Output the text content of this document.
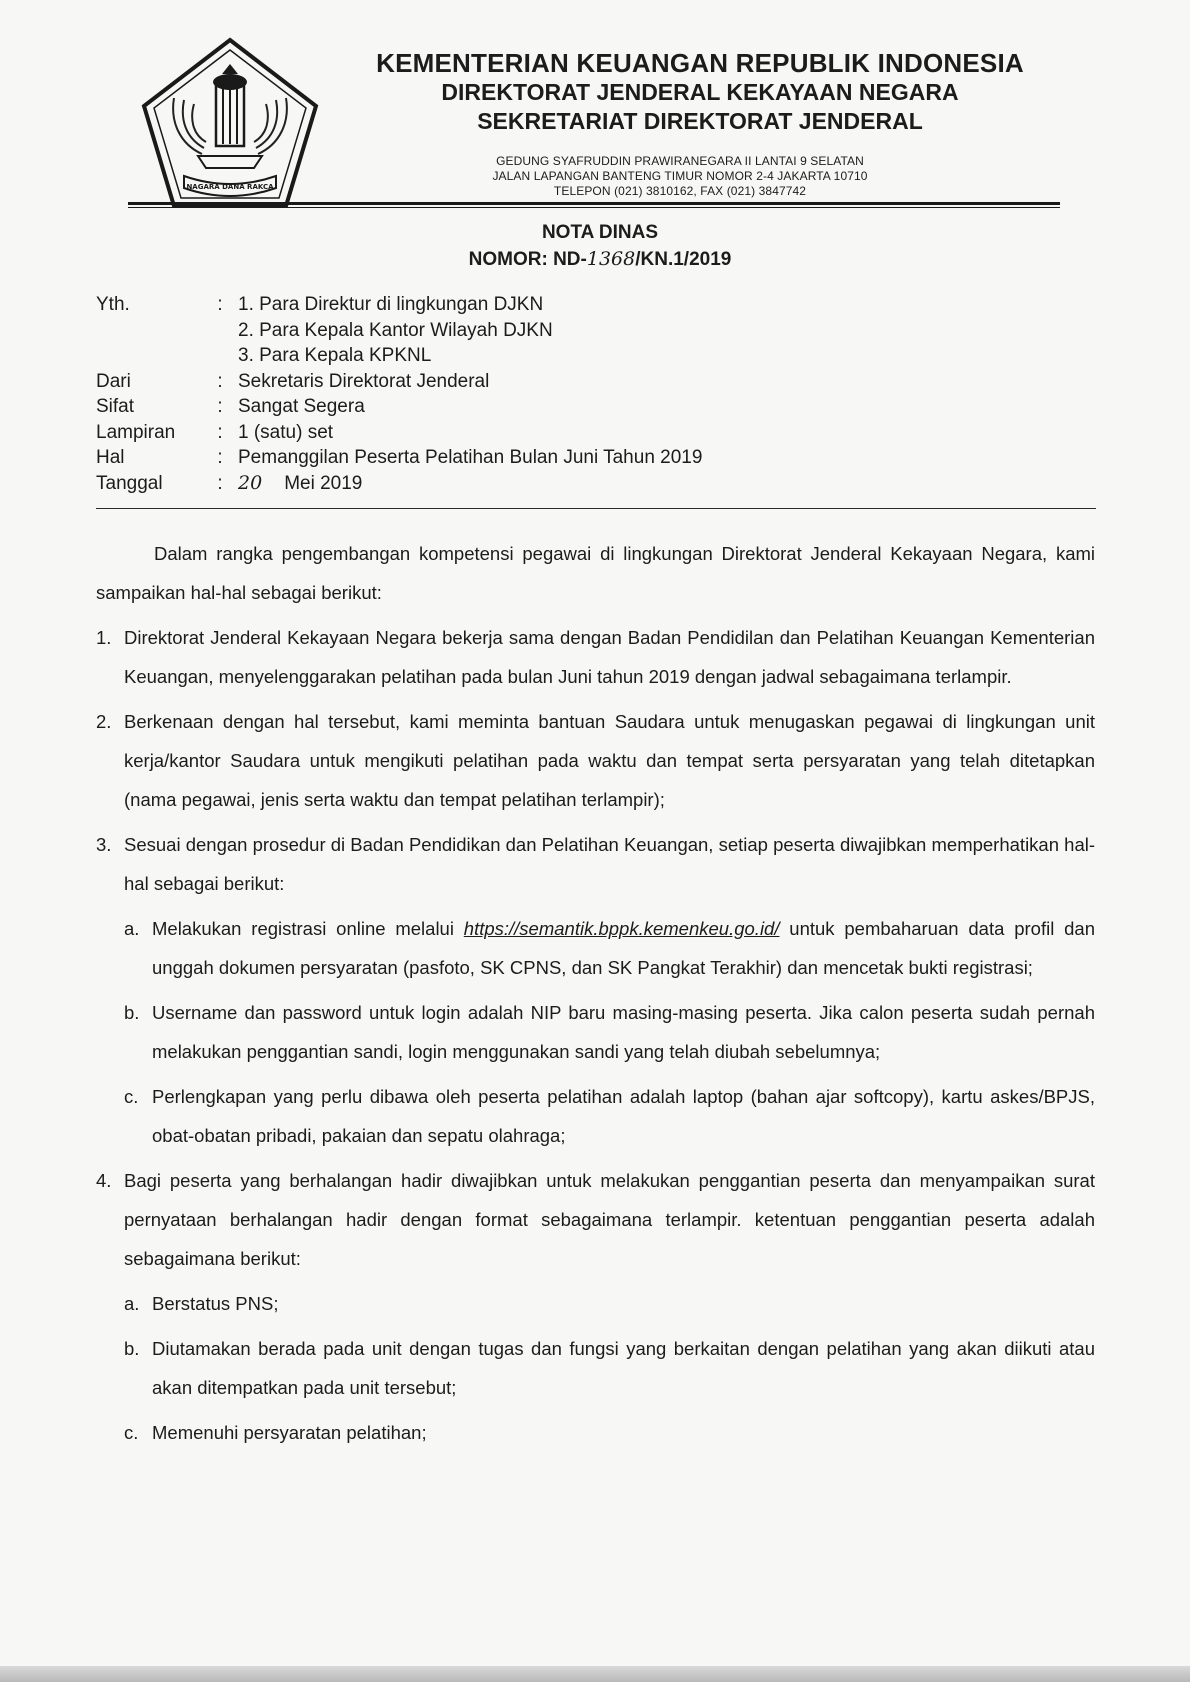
NAGARA DANA RAKCA
KEMENTERIAN KEUANGAN REPUBLIK INDONESIA
DIREKTORAT JENDERAL KEKAYAAN NEGARA
SEKRETARIAT DIREKTORAT JENDERAL
GEDUNG SYAFRUDDIN PRAWIRANEGARA II LANTAI 9 SELATAN
JALAN LAPANGAN BANTENG TIMUR NOMOR 2-4 JAKARTA 10710
TELEPON (021) 3810162, FAX (021) 3847742
NOTA DINAS
NOMOR: ND-1368/KN.1/2019
Yth.	: 1. Para Direktur di lingkungan DJKN
2. Para Kepala Kantor Wilayah DJKN
3. Para Kepala KPKNL
Dari	: Sekretaris Direktorat Jenderal
Sifat	: Sangat Segera
Lampiran	: 1 (satu) set
Hal	: Pemanggilan Peserta Pelatihan Bulan Juni Tahun 2019
Tanggal	: 20 Mei 2019

Dalam rangka pengembangan kompetensi pegawai di lingkungan Direktorat Jenderal Kekayaan Negara, kami sampaikan hal-hal sebagai berikut:

1. Direktorat Jenderal Kekayaan Negara bekerja sama dengan Badan Pendidilan dan Pelatihan Keuangan Kementerian Keuangan, menyelenggarakan pelatihan pada bulan Juni tahun 2019 dengan jadwal sebagaimana terlampir.
2. Berkenaan dengan hal tersebut, kami meminta bantuan Saudara untuk menugaskan pegawai di lingkungan unit kerja/kantor Saudara untuk mengikuti pelatihan pada waktu dan tempat serta persyaratan yang telah ditetapkan (nama pegawai, jenis serta waktu dan tempat pelatihan terlampir);
3. Sesuai dengan prosedur di Badan Pendidikan dan Pelatihan Keuangan, setiap peserta diwajibkan memperhatikan hal-hal sebagai berikut:
a. Melakukan registrasi online melalui https://semantik.bppk.kemenkeu.go.id/ untuk pembaharuan data profil dan unggah dokumen persyaratan (pasfoto, SK CPNS, dan SK Pangkat Terakhir) dan mencetak bukti registrasi;
b. Username dan password untuk login adalah NIP baru masing-masing peserta. Jika calon peserta sudah pernah melakukan penggantian sandi, login menggunakan sandi yang telah diubah sebelumnya;
c. Perlengkapan yang perlu dibawa oleh peserta pelatihan adalah laptop (bahan ajar softcopy), kartu askes/BPJS, obat-obatan pribadi, pakaian dan sepatu olahraga;
4. Bagi peserta yang berhalangan hadir diwajibkan untuk melakukan penggantian peserta dan menyampaikan surat pernyataan berhalangan hadir dengan format sebagaimana terlampir. ketentuan penggantian peserta adalah sebagaimana berikut:
a. Berstatus PNS;
b. Diutamakan berada pada unit dengan tugas dan fungsi yang berkaitan dengan pelatihan yang akan diikuti atau akan ditempatkan pada unit tersebut;
c. Memenuhi persyaratan pelatihan;
